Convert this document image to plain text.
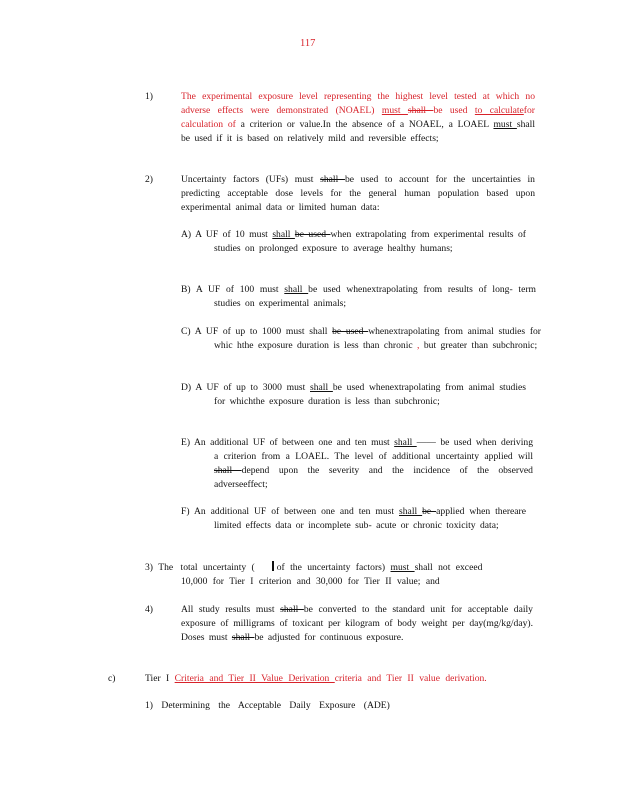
117
1)	The experimental exposure level representing the highest level tested at which no adverse effects were demonstrated (NOAEL) must shall be used to calculatefor calculation of a criterion or value.In the absence of a NOAEL, a LOAEL must shall be used if it is based on relatively mild and reversible effects;
2)	Uncertainty factors (UFs) must shall be used to account for the uncertainties in predicting acceptable dose levels for the general human population based upon experimental animal data or limited human data:
A) A UF of 10 must shall be used when extrapolating from experimental results of studies on prolonged exposure to average healthy humans;
B) A UF of 100 must shall be used whenextrapolating from results of long- term studies on experimental animals;
C) A UF of up to 1000 must shall be used whenextrapolating from animal studies for whic hthe exposure duration is less than chronic , but greater than subchronic;
D) A UF of up to 3000 must shall be used whenextrapolating from animal studies for whichthe exposure duration is less than subchronic;
E) An additional UF of between one and ten must shall —— be used when deriving a criterion from a LOAEL. The level of additional uncertainty applied will shall depend upon the severity and the incidence of the observed adverseeffect;
F) An additional UF of between one and ten must shall be applied when thereare limited effects data or incomplete sub- acute or chronic toxicity data;
3) The total uncertainty ( of the uncertainty factors) must shall not exceed
10,000 for Tier I criterion and 30,000 for Tier II value; and
4)	All study results must shall be converted to the standard unit for acceptable daily exposure of milligrams of toxicant per kilogram of body weight per day(mg/kg/day). Doses must shall be adjusted for continuous exposure.
c)	Tier I Criteria and Tier II Value Derivation criteria and Tier II value derivation.
1) Determining the Acceptable Daily Exposure (ADE)
